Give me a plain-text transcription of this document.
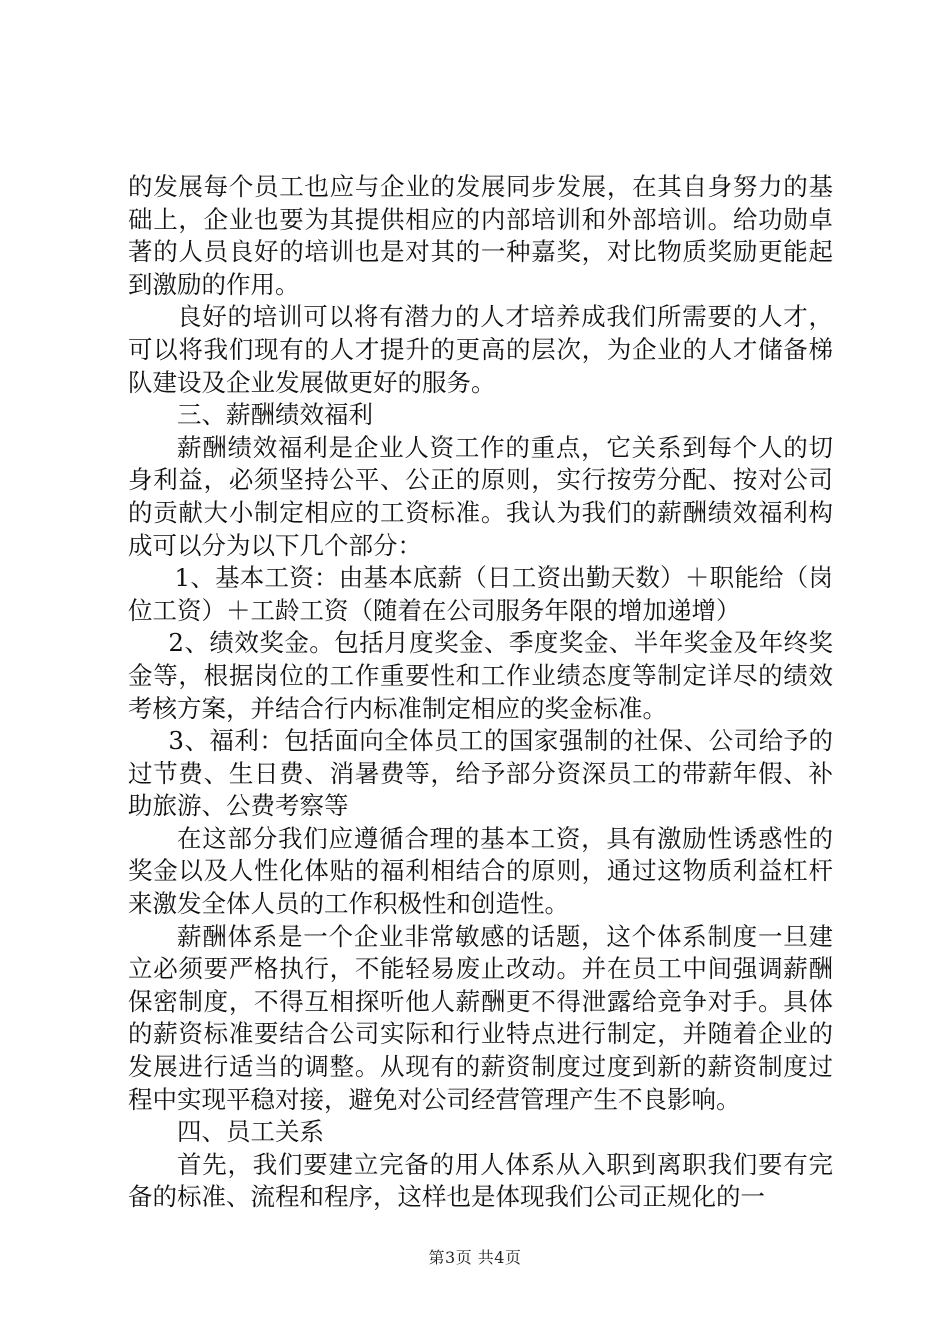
的发展每个员工也应与企业的发展同步发展，在其自身努力的基础上，企业也要为其提供相应的内部培训和外部培训。给功勋卓著的人员良好的培训也是对其的一种嘉奖，对比物质奖励更能起到激励的作用。

良好的培训可以将有潜力的人才培养成我们所需要的人才，可以将我们现有的人才提升的更高的层次，为企业的人才储备梯队建设及企业发展做更好的服务。

三、薪酬绩效福利

薪酬绩效福利是企业人资工作的重点，它关系到每个人的切身利益，必须坚持公平、公正的原则，实行按劳分配、按对公司的贡献大小制定相应的工资标准。我认为我们的薪酬绩效福利构成可以分为以下几个部分：

1、基本工资：由基本底薪（日工资出勤天数）＋职能给（岗位工资）＋工龄工资（随着在公司服务年限的增加递增）

2、绩效奖金。包括月度奖金、季度奖金、半年奖金及年终奖金等，根据岗位的工作重要性和工作业绩态度等制定详尽的绩效考核方案，并结合行内标准制定相应的奖金标准。

3、福利：包括面向全体员工的国家强制的社保、公司给予的过节费、生日费、消暑费等，给予部分资深员工的带薪年假、补助旅游、公费考察等

在这部分我们应遵循合理的基本工资，具有激励性诱惑性的奖金以及人性化体贴的福利相结合的原则，通过这物质利益杠杆来激发全体人员的工作积极性和创造性。

薪酬体系是一个企业非常敏感的话题，这个体系制度一旦建立必须要严格执行，不能轻易废止改动。并在员工中间强调薪酬保密制度，不得互相探听他人薪酬更不得泄露给竞争对手。具体的薪资标准要结合公司实际和行业特点进行制定，并随着企业的发展进行适当的调整。从现有的薪资制度过度到新的薪资制度过程中实现平稳对接，避免对公司经营管理产生不良影响。

四、员工关系

首先，我们要建立完备的用人体系从入职到离职我们要有完备的标准、流程和程序，这样也是体现我们公司正规化的一

第3页 共4页
